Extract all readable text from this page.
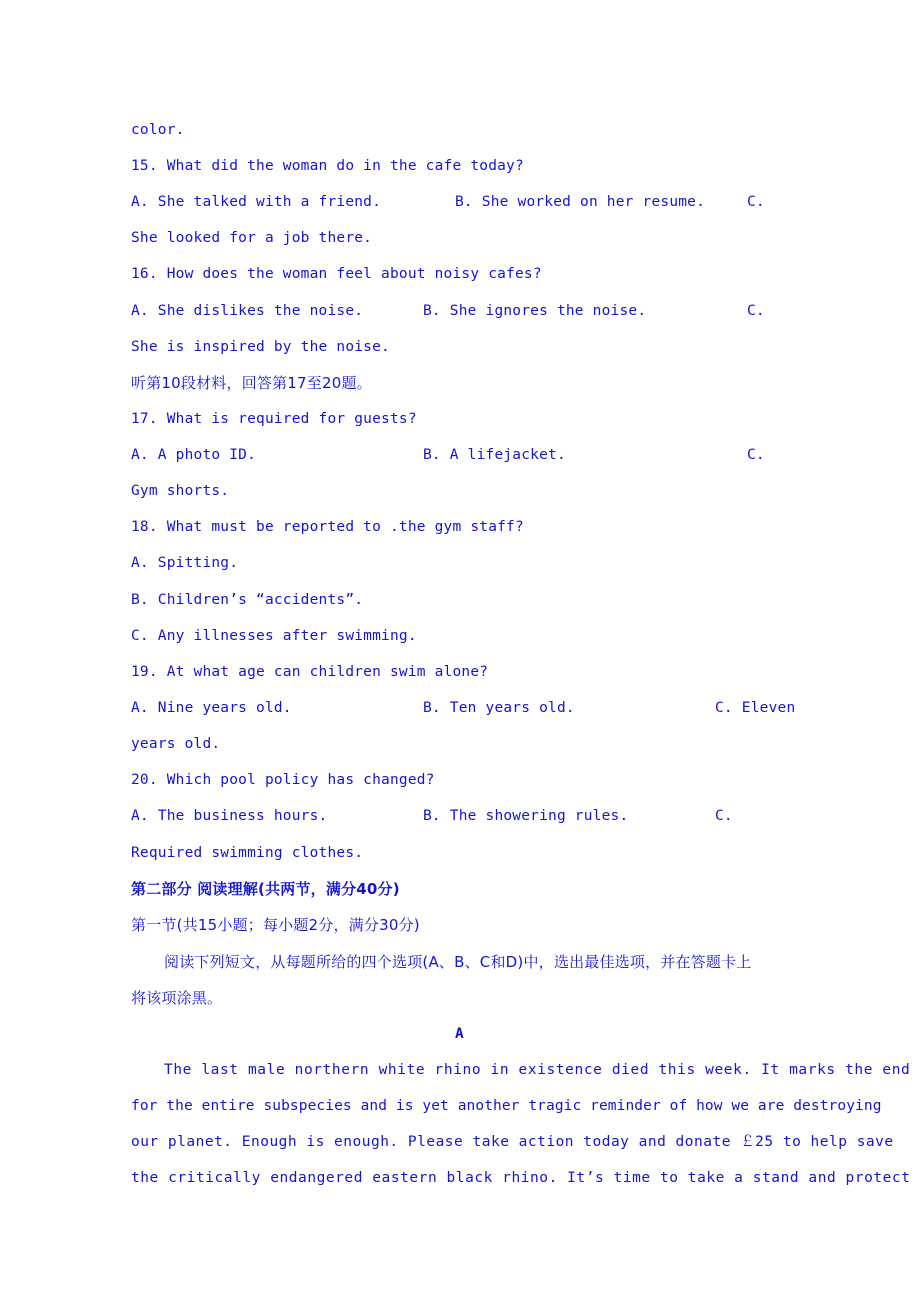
color.
15. What did the woman do in the cafe today?
A. She talked with a friend.	B. She worked on her resume.	C.
She looked for a job there.
16. How does the woman feel about noisy cafes?
A. She dislikes the noise.	B. She ignores the noise.	C.
She is inspired by the noise.
听第10段材料，回答第17至20题。
17. What is required for guests?
A. A photo ID.	B. A lifejacket.	C.
Gym shorts.
18. What must be reported to .the gym staff?
A. Spitting.
B. Children’s “accidents”.
C. Any illnesses after swimming.
19. At what age can children swim alone?
A. Nine years old.	B. Ten years old.	C. Eleven
years old.
20. Which pool policy has changed?
A. The business hours.	B. The showering rules.	C.
Required swimming clothes.
第二部分 阅读理解(共两节，满分40分)
第一节(共15小题；每小题2分，满分30分)
阅读下列短文，从每题所给的四个选项(A、B、C和D)中，选出最佳选项，并在答题卡上
将该项涂黑。
A
The last male northern white rhino in existence died this week. It marks the end
for the entire subspecies and is yet another tragic reminder of how we are destroying
our planet. Enough is enough. Please take action today and donate ￡25 to help save
the critically endangered eastern black rhino. It’s time to take a stand and protect
